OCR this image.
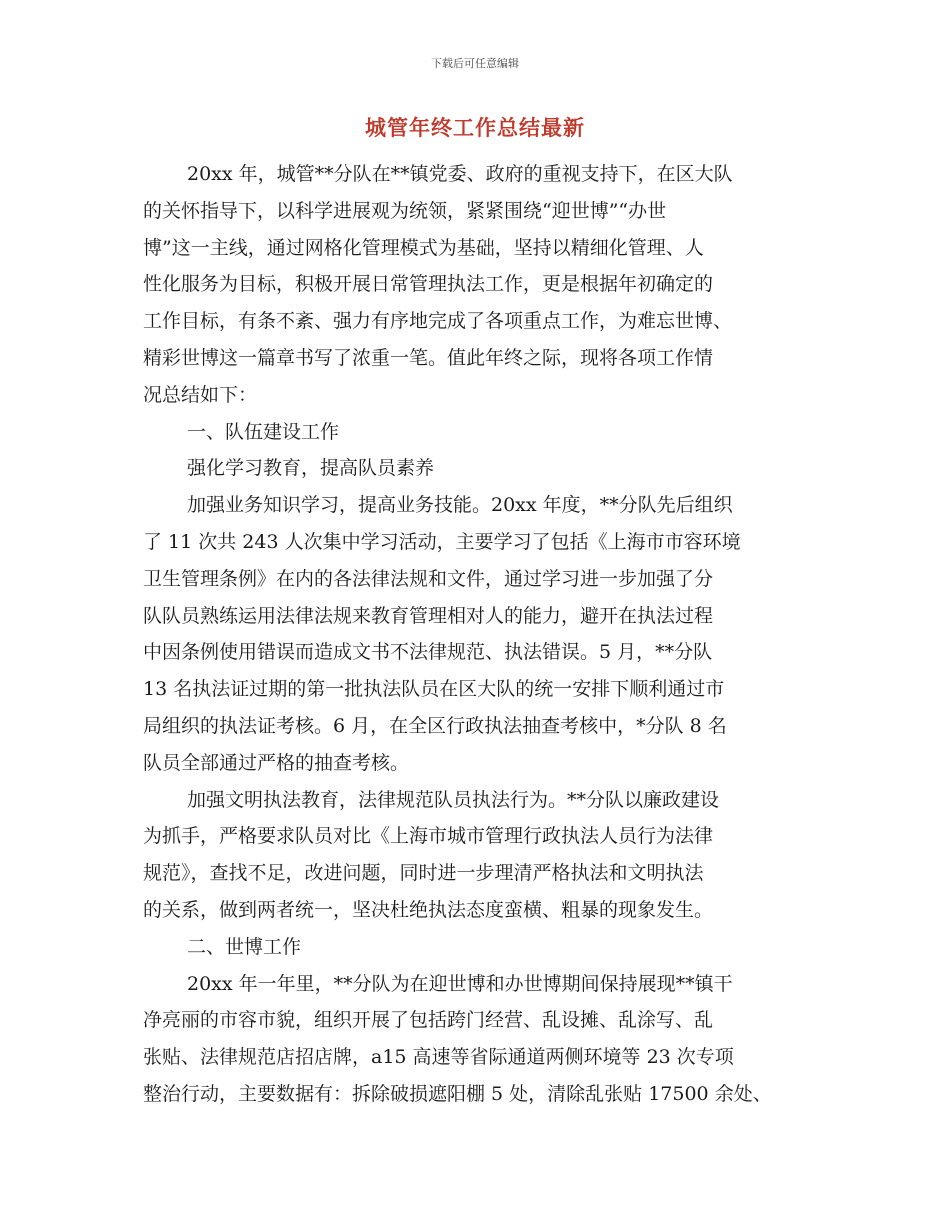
下载后可任意编辑
城管年终工作总结最新
20xx 年，城管**分队在**镇党委、政府的重视支持下，在区大队
的关怀指导下，以科学进展观为统领，紧紧围绕“迎世博”“办世
博”这一主线，通过网格化管理模式为基础，坚持以精细化管理、人
性化服务为目标，积极开展日常管理执法工作，更是根据年初确定的
工作目标，有条不紊、强力有序地完成了各项重点工作，为难忘世博、
精彩世博这一篇章书写了浓重一笔。值此年终之际，现将各项工作情
况总结如下：
一、队伍建设工作
强化学习教育，提高队员素养
加强业务知识学习，提高业务技能。20xx 年度，**分队先后组织
了 11 次共 243 人次集中学习活动，主要学习了包括《上海市市容环境
卫生管理条例》在内的各法律法规和文件，通过学习进一步加强了分
队队员熟练运用法律法规来教育管理相对人的能力，避开在执法过程
中因条例使用错误而造成文书不法律规范、执法错误。5 月，**分队
13 名执法证过期的第一批执法队员在区大队的统一安排下顺利通过市
局组织的执法证考核。6 月，在全区行政执法抽查考核中，*分队 8 名
队员全部通过严格的抽查考核。
加强文明执法教育，法律规范队员执法行为。**分队以廉政建设
为抓手，严格要求队员对比《上海市城市管理行政执法人员行为法律
规范》，查找不足，改进问题，同时进一步理清严格执法和文明执法
的关系，做到两者统一，坚决杜绝执法态度蛮横、粗暴的现象发生。
二、世博工作
20xx 年一年里，**分队为在迎世博和办世博期间保持展现**镇干
净亮丽的市容市貌，组织开展了包括跨门经营、乱设摊、乱涂写、乱
张贴、法律规范店招店牌，a15 高速等省际通道两侧环境等 23 次专项
整治行动，主要数据有：拆除破损遮阳棚 5 处，清除乱张贴 17500 余处、
